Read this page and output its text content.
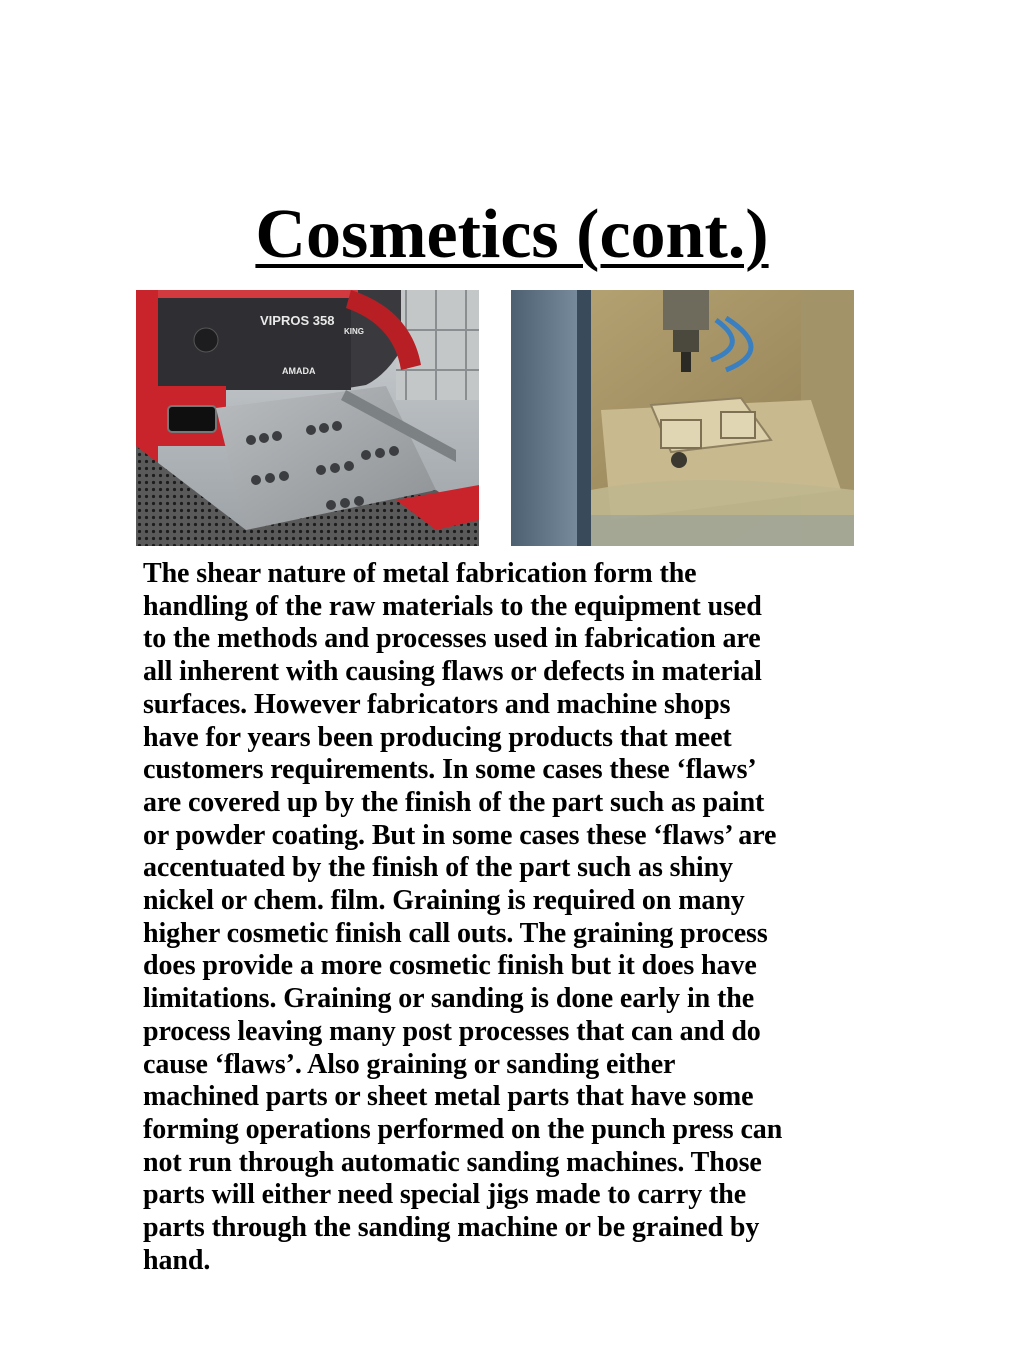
Cosmetics (cont.)
VIPROS 358
KING
AMADA

The shear nature of metal fabrication form the
handling of the raw materials to the equipment used
to the methods and processes used in fabrication are
all inherent with causing flaws or defects in material
surfaces. However fabricators and machine shops
have for years been producing products that meet
customers requirements. In some cases these ‘flaws’
are covered up by the finish of the part such as paint
or powder coating. But in some cases these ‘flaws’ are
accentuated by the finish of the part such as shiny
nickel or chem. film. Graining is required on many
higher cosmetic finish call outs. The graining process
does provide a more cosmetic finish but it does have
limitations. Graining or sanding is done early in the
process leaving many post processes that can and do
cause ‘flaws’. Also graining or sanding either
machined parts or sheet metal parts that have some
forming operations performed on the punch press can
not run through automatic sanding machines. Those
parts will either need special jigs made to carry the
parts through the sanding machine or be grained by
hand.
